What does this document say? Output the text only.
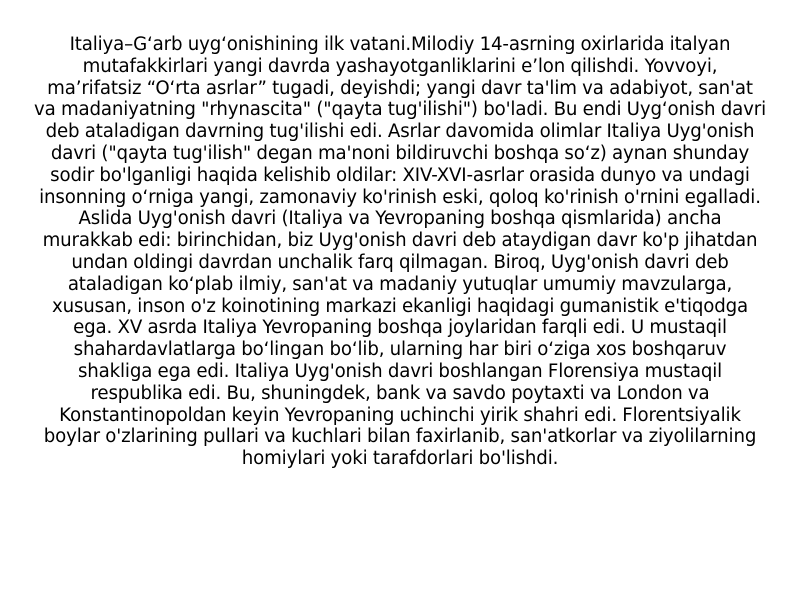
Italiya–G‘arb uyg‘onishining ilk vatani.Milodiy 14-asrning oxirlarida italyan mutafakkirlari yangi davrda yashayotganliklarini e’lon qilishdi. Yovvoyi, ma’rifatsiz “O‘rta asrlar” tugadi, deyishdi; yangi davr ta'lim va adabiyot, san'at va madaniyatning "rhynascita" ("qayta tug'ilishi") bo'ladi. Bu endi Uyg‘onish davri deb ataladigan davrning tug'ilishi edi. Asrlar davomida olimlar Italiya Uyg'onish davri ("qayta tug'ilish" degan ma'noni bildiruvchi boshqa so‘z) aynan shunday sodir bo'lganligi haqida kelishib oldilar: XIV-XVI-asrlar orasida dunyo va undagi insonning o‘rniga yangi, zamonaviy ko'rinish eski, qoloq ko'rinish o'rnini egalladi. Aslida Uyg'onish davri (Italiya va Yevropaning boshqa qismlarida) ancha murakkab edi: birinchidan, biz Uyg'onish davri deb ataydigan davr ko'p jihatdan undan oldingi davrdan unchalik farq qilmagan. Biroq, Uyg'onish davri deb ataladigan ko‘plab ilmiy, san'at va madaniy yutuqlar umumiy mavzularga, xususan, inson o'z koinotining markazi ekanligi haqidagi gumanistik e'tiqodga ega. XV asrda Italiya Yevropaning boshqa joylaridan farqli edi. U mustaqil shahardavlatlarga bo‘lingan bo‘lib, ularning har biri o‘ziga xos boshqaruv shakliga ega edi. Italiya Uyg'onish davri boshlangan Florensiya mustaqil respublika edi. Bu, shuningdek, bank va savdo poytaxti va London va Konstantinopoldan keyin Yevropaning uchinchi yirik shahri edi. Florentsiyalik boylar o'zlarining pullari va kuchlari bilan faxirlanib, san'atkorlar va ziyolilarning homiylari yoki tarafdorlari bo'lishdi.
